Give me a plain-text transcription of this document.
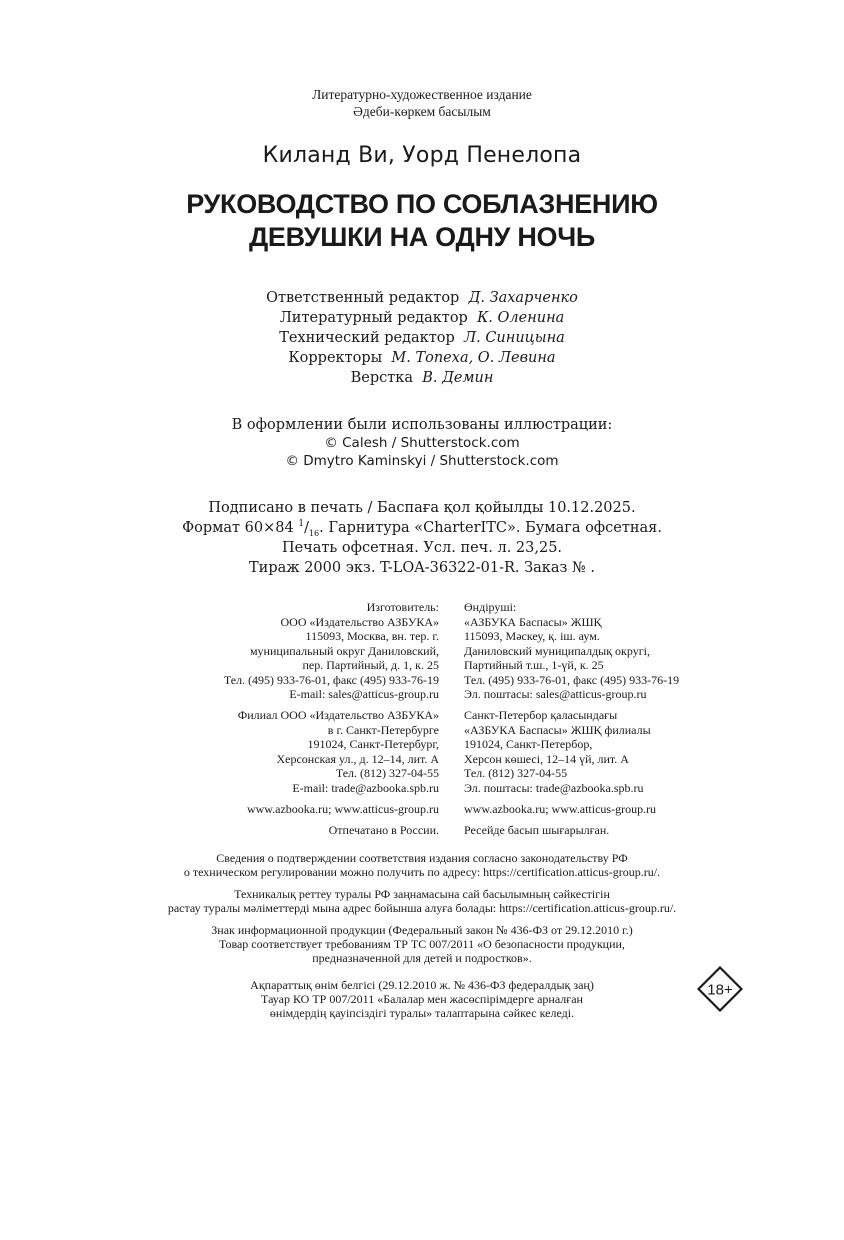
Литературно-художественное издание
Әдеби-көркем басылым
Киланд Ви, Уорд Пенелопа
РУКОВОДСТВО ПО СОБЛАЗНЕНИЮ
ДЕВУШКИ НА ОДНУ НОЧЬ
Ответственный редактор Д. Захарченко
Литературный редактор К. Оленина
Технический редактор Л. Синицына
Корректоры М. Топеха, О. Левина
Верстка В. Демин
В оформлении были использованы иллюстрации:
© Calesh / Shutterstock.com
© Dmytro Kaminskyi / Shutterstock.com
Подписано в печать / Баспаға қол қойылды 10.12.2025.
Формат 60×84 $^1/_{16}$. Гарнитура «CharterITC». Бумага офсетная.
Печать офсетная. Усл. печ. л. 23,25.
Тираж 2000 экз. T-LOA-36322-01-R. Заказ № .
Изготовитель:
ООО «Издательство АЗБУКА»
115093, Москва, вн. тер. г.
муниципальный округ Даниловский,
пер. Партийный, д. 1, к. 25
Тел. (495) 933-76-01, факс (495) 933-76-19
E-mail: sales@atticus-group.ru
Өндіруші:
«АЗБУКА Баспасы» ЖШҚ
115093, Мәскеу, қ. іш. аум.
Даниловский муниципалдық округі,
Партийный т.ш., 1-үй, к. 25
Тел. (495) 933-76-01, факс (495) 933-76-19
Эл. поштасы: sales@atticus-group.ru
Филиал ООО «Издательство АЗБУКА»
в г. Санкт-Петербурге
191024, Санкт-Петербург,
Херсонская ул., д. 12–14, лит. А
Тел. (812) 327-04-55
E-mail: trade@azbooka.spb.ru
Санкт-Петербор қаласындағы
«АЗБУКА Баспасы» ЖШҚ филиалы
191024, Санкт-Петербор,
Херсон көшесі, 12–14 үй, лит. А
Тел. (812) 327-04-55
Эл. поштасы: trade@azbooka.spb.ru
www.azbooka.ru; www.atticus-group.ru www.azbooka.ru; www.atticus-group.ru
Отпечатано в России. Ресейде басып шығарылған.
Сведения о подтверждении соответствия издания согласно законодательству РФ
о техническом регулировании можно получить по адресу: https://certification.atticus-group.ru/.
Техникалық реттеу туралы РФ заңнамасына сай басылымның сәйкестігін
растау туралы мәліметтерді мына адрес бойынша алуға болады: https://certification.atticus-group.ru/.
Знак информационной продукции (Федеральный закон № 436-ФЗ от 29.12.2010 г.)
Товар соответствует требованиям ТР ТС 007/2011 «О безопасности продукции,
предназначенной для детей и подростков».
Ақпараттық өнім белгісі (29.12.2010 ж. № 436-ФЗ федералдық заң)
Тауар КО ТР 007/2011 «Балалар мен жасөспірімдерге арналған
өнімдердің қауіпсіздігі туралы» талаптарына сәйкес келеді.
18+
